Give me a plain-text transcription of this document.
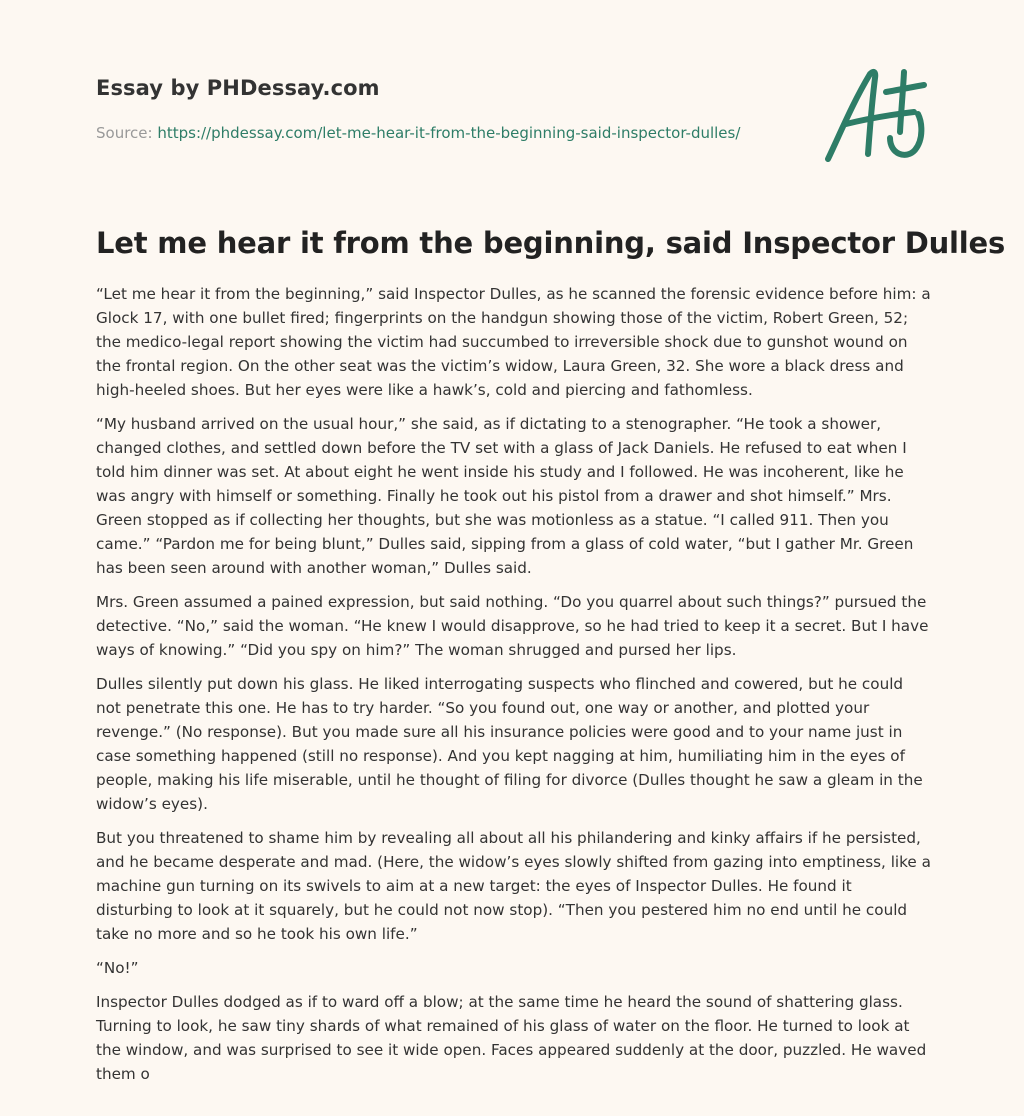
Essay by PHDessay.com
Source: https://phdessay.com/let-me-hear-it-from-the-beginning-said-inspector-dulles/
Let me hear it from the beginning, said Inspector Dulles

“Let me hear it from the beginning,” said Inspector Dulles, as he scanned the forensic evidence before him: a Glock 17, with one bullet fired; fingerprints on the handgun showing those of the victim, Robert Green, 52; the medico-legal report showing the victim had succumbed to irreversible shock due to gunshot wound on the frontal region. On the other seat was the victim’s widow, Laura Green, 32. She wore a black dress and high-heeled shoes. But her eyes were like a hawk’s, cold and piercing and fathomless.

“My husband arrived on the usual hour,” she said, as if dictating to a stenographer. “He took a shower, changed clothes, and settled down before the TV set with a glass of Jack Daniels. He refused to eat when I told him dinner was set. At about eight he went inside his study and I followed. He was incoherent, like he was angry with himself or something. Finally he took out his pistol from a drawer and shot himself.” Mrs. Green stopped as if collecting her thoughts, but she was motionless as a statue. “I called 911. Then you came.” “Pardon me for being blunt,” Dulles said, sipping from a glass of cold water, “but I gather Mr. Green has been seen around with another woman,” Dulles said.

Mrs. Green assumed a pained expression, but said nothing. “Do you quarrel about such things?” pursued the detective. “No,” said the woman. “He knew I would disapprove, so he had tried to keep it a secret. But I have ways of knowing.” “Did you spy on him?” The woman shrugged and pursed her lips.

Dulles silently put down his glass. He liked interrogating suspects who flinched and cowered, but he could not penetrate this one. He has to try harder. “So you found out, one way or another, and plotted your revenge.” (No response). But you made sure all his insurance policies were good and to your name just in case something happened (still no response). And you kept nagging at him, humiliating him in the eyes of people, making his life miserable, until he thought of filing for divorce (Dulles thought he saw a gleam in the widow’s eyes).

But you threatened to shame him by revealing all about all his philandering and kinky affairs if he persisted, and he became desperate and mad. (Here, the widow’s eyes slowly shifted from gazing into emptiness, like a machine gun turning on its swivels to aim at a new target: the eyes of Inspector Dulles. He found it disturbing to look at it squarely, but he could not now stop). “Then you pestered him no end until he could take no more and so he took his own life.”

“No!”

Inspector Dulles dodged as if to ward off a blow; at the same time he heard the sound of shattering glass. Turning to look, he saw tiny shards of what remained of his glass of water on the floor. He turned to look at the window, and was surprised to see it wide open. Faces appeared suddenly at the door, puzzled. He waved them o
